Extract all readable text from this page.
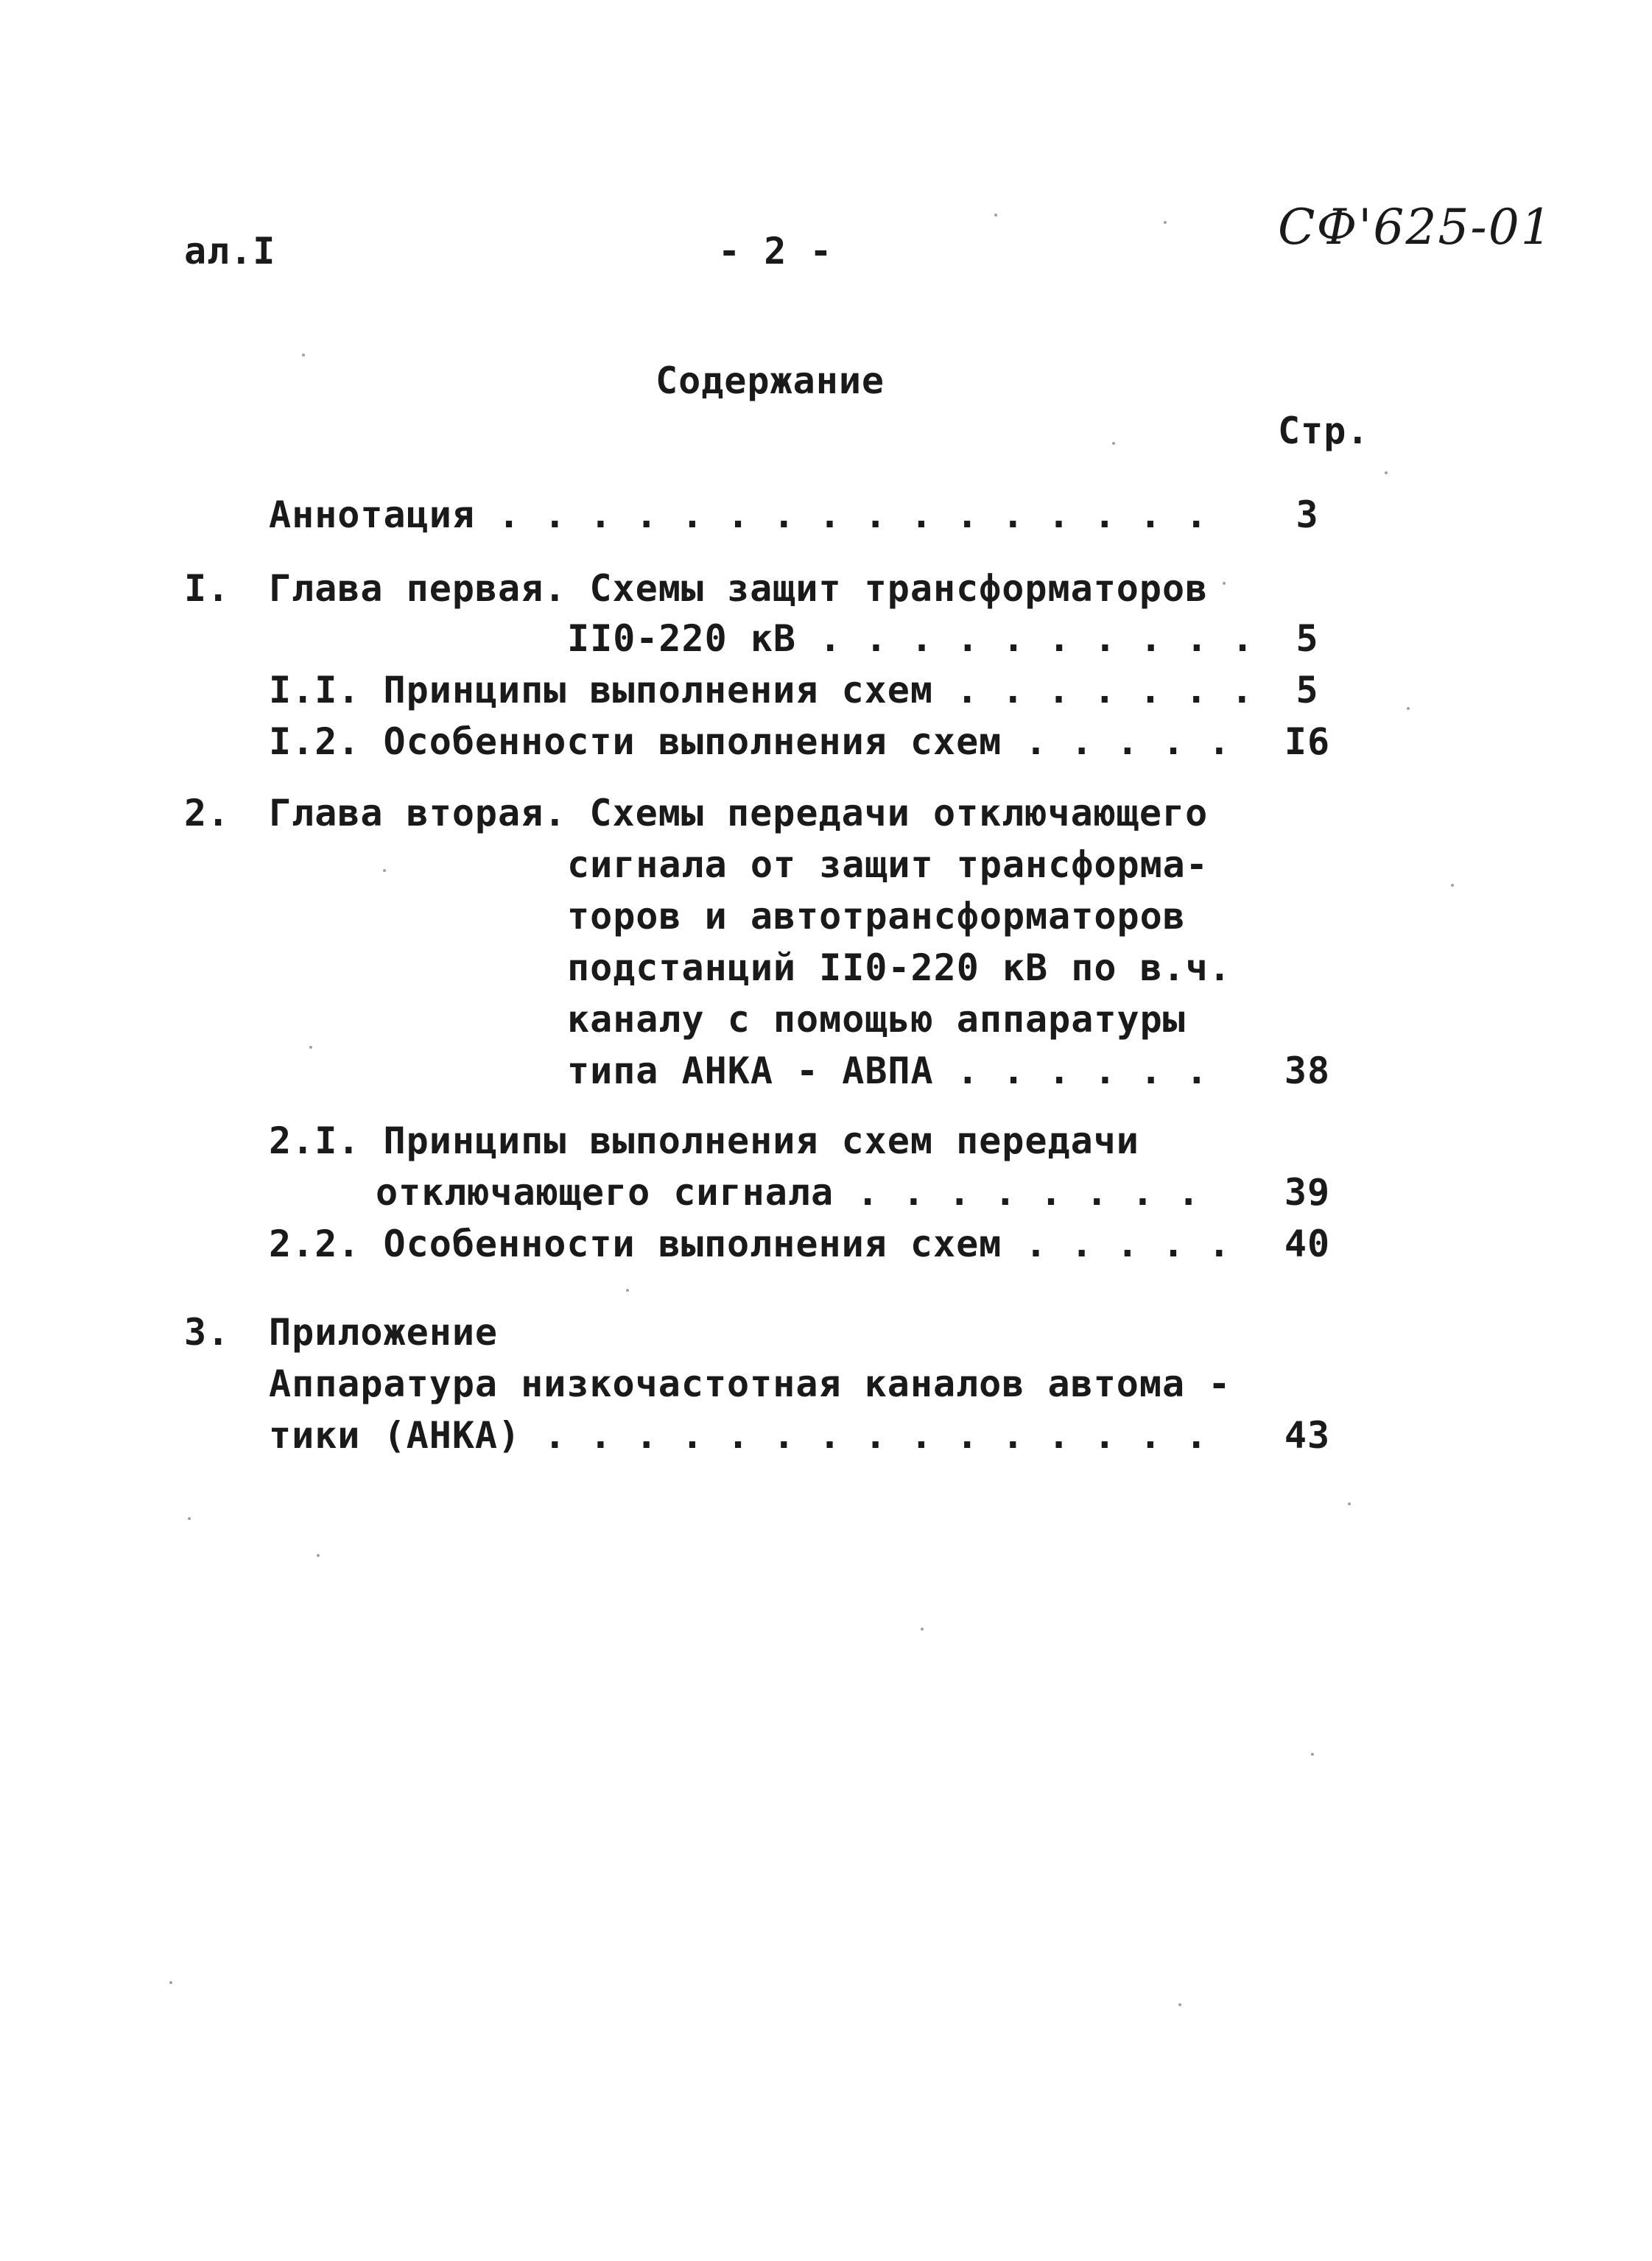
ал.I	- 2 -	СФ'625-01
Содержание
Стр.
Аннотация . . . . . . . . . . . . . . . .	3
I. Глава первая. Схемы защит трансформаторов
II0-220 кВ . . . . . . . . . .	5
I.I. Принципы выполнения схем . . . . . . .	5
I.2. Особенности выполнения схем . . . . . I6
2. Глава вторая. Схемы передачи отключающего
сигнала от защит трансформа-
торов и автотрансформаторов
подстанций II0-220 кВ по в.ч.
каналу с помощью аппаратуры
типа АНКА - АВПА . . . . . . 38
2.I. Принципы выполнения схем передачи
отключающего сигнала . . . . . . . . 39
2.2. Особенности выполнения схем . . . . . 40
3. Приложение
Аппаратура низкочастотная каналов автома -
тики (АНКА) . . . . . . . . . . . . . . . 43
